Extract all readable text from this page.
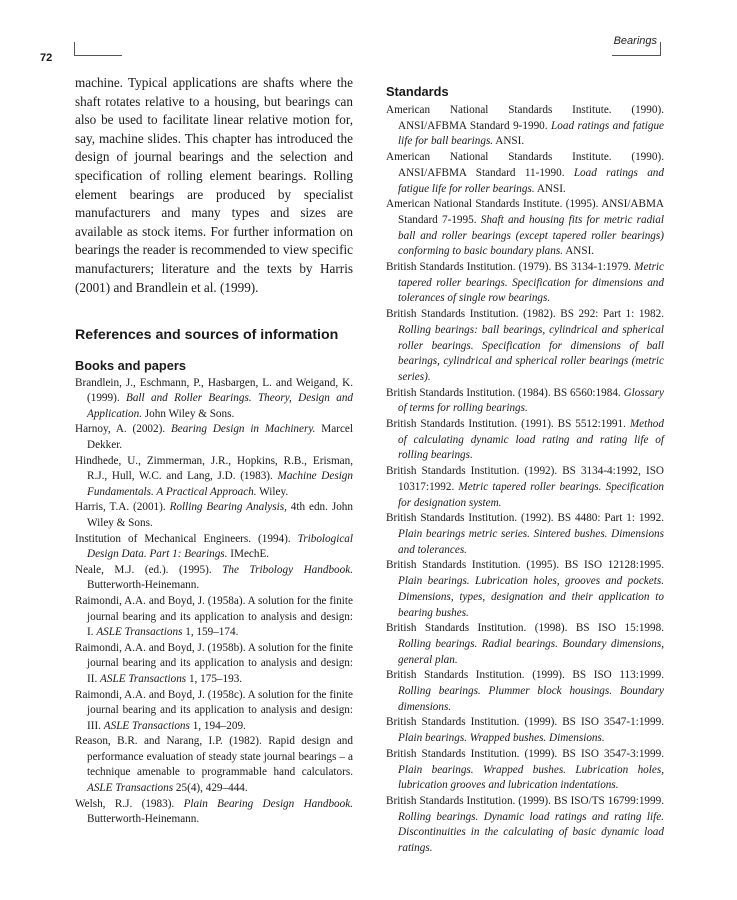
72
Bearings

machine. Typical applications are shafts where the shaft rotates relative to a housing, but bearings can also be used to facilitate linear relative motion for, say, machine slides. This chapter has introduced the design of journal bearings and the selection and specification of rolling element bearings. Rolling element bearings are produced by specialist manufacturers and many types and sizes are available as stock items. For further information on bearings the reader is recommended to view specific manufacturers; literature and the texts by Harris (2001) and Brandlein et al. (1999).

References and sources of information
Books and papers
Brandlein, J., Eschmann, P., Hasbargen, L. and Weigand, K. (1999). Ball and Roller Bearings. Theory, Design and Application. John Wiley & Sons.
Harnoy, A. (2002). Bearing Design in Machinery. Marcel Dekker.
Hindhede, U., Zimmerman, J.R., Hopkins, R.B., Erisman, R.J., Hull, W.C. and Lang, J.D. (1983). Machine Design Fundamentals. A Practical Approach. Wiley.
Harris, T.A. (2001). Rolling Bearing Analysis, 4th edn. John Wiley & Sons.
Institution of Mechanical Engineers. (1994). Tribological Design Data. Part 1: Bearings. IMechE.
Neale, M.J. (ed.). (1995). The Tribology Handbook. Butterworth-Heinemann.
Raimondi, A.A. and Boyd, J. (1958a). A solution for the finite journal bearing and its application to analysis and design: I. ASLE Transactions 1, 159–174.
Raimondi, A.A. and Boyd, J. (1958b). A solution for the finite journal bearing and its application to analysis and design: II. ASLE Transactions 1, 175–193.
Raimondi, A.A. and Boyd, J. (1958c). A solution for the finite journal bearing and its application to analysis and design: III. ASLE Transactions 1, 194–209.
Reason, B.R. and Narang, I.P. (1982). Rapid design and performance evaluation of steady state journal bearings – a technique amenable to programmable hand calculators. ASLE Transactions 25(4), 429–444.
Welsh, R.J. (1983). Plain Bearing Design Handbook. Butterworth-Heinemann.
Standards
American National Standards Institute. (1990). ANSI/AFBMA Standard 9-1990. Load ratings and fatigue life for ball bearings. ANSI.
American National Standards Institute. (1990). ANSI/AFBMA Standard 11-1990. Load ratings and fatigue life for roller bearings. ANSI.
American National Standards Institute. (1995). ANSI/ABMA Standard 7-1995. Shaft and housing fits for metric radial ball and roller bearings (except tapered roller bearings) conforming to basic boundary plans. ANSI.
British Standards Institution. (1979). BS 3134-1:1979. Metric tapered roller bearings. Specification for dimensions and tolerances of single row bearings.
British Standards Institution. (1982). BS 292: Part 1: 1982. Rolling bearings: ball bearings, cylindrical and spherical roller bearings. Specification for dimensions of ball bearings, cylindrical and spherical roller bearings (metric series).
British Standards Institution. (1984). BS 6560:1984. Glossary of terms for rolling bearings.
British Standards Institution. (1991). BS 5512:1991. Method of calculating dynamic load rating and rating life of rolling bearings.
British Standards Institution. (1992). BS 3134-4:1992, ISO 10317:1992. Metric tapered roller bearings. Specification for designation system.
British Standards Institution. (1992). BS 4480: Part 1: 1992. Plain bearings metric series. Sintered bushes. Dimensions and tolerances.
British Standards Institution. (1995). BS ISO 12128:1995. Plain bearings. Lubrication holes, grooves and pockets. Dimensions, types, designation and their application to bearing bushes.
British Standards Institution. (1998). BS ISO 15:1998. Rolling bearings. Radial bearings. Boundary dimensions, general plan.
British Standards Institution. (1999). BS ISO 113:1999. Rolling bearings. Plummer block housings. Boundary dimensions.
British Standards Institution. (1999). BS ISO 3547-1:1999. Plain bearings. Wrapped bushes. Dimensions.
British Standards Institution. (1999). BS ISO 3547-3:1999. Plain bearings. Wrapped bushes. Lubrication holes, lubrication grooves and lubrication indentations.
British Standards Institution. (1999). BS ISO/TS 16799:1999. Rolling bearings. Dynamic load ratings and rating life. Discontinuities in the calculating of basic dynamic load ratings.
